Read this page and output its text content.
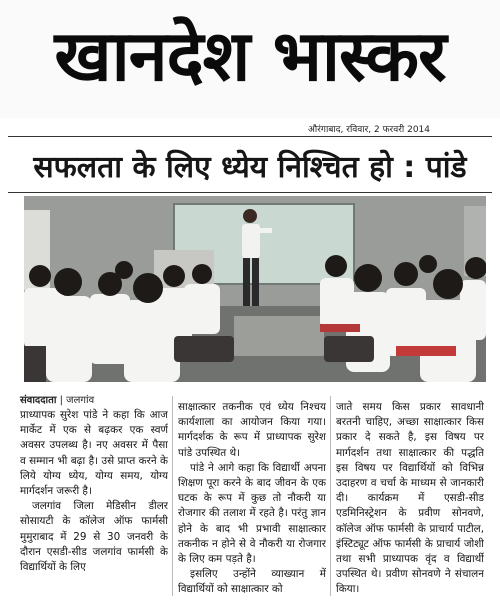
खानदेश भास्कर
औरंगाबाद, रविवार, 2 फरवरी 2014
सफलता के लिए ध्येय निश्चित हो : पांडे
संवाददाता | जलगांव

प्राध्यापक सुरेश पांडे ने कहा कि आज मार्केट में एक से बढ़कर एक स्वर्ण अवसर उपलब्ध है। नए अवसर में पैसा व सम्मान भी बढ़ा है। उसे प्राप्त करने के लिये योग्य ध्येय, योग्य समय, योग्य मार्गदर्शन जरूरी है।

जलगांव जिला मेडिसीन डीलर सोसायटी के कॉलेज ऑफ फार्मसी मुमुराबाद में 29 से 30 जनवरी के दौरान एसडी-सीड जलगांव फार्मसी के विद्यार्थियों के लिए

साक्षात्कार तकनीक एवं ध्येय निश्चय कार्यशाला का आयोजन किया गया। मार्गदर्शक के रूप में प्राध्यापक सुरेश पांडे उपस्थित थे।

पांडे ने आगे कहा कि विद्यार्थी अपना शिक्षण पूरा करने के बाद जीवन के एक घटक के रूप में कुछ तो नौकरी या रोजगार की तलाश में रहते है। परंतु ज्ञान होने के बाद भी प्रभावी साक्षात्कार तकनीक न होने से वे नौकरी या रोजगार के लिए कम पड़ते है।

इसलिए उन्होंने व्याख्यान में विद्यार्थियों को साक्षात्कार को

जाते समय किस प्रकार सावधानी बरतनी चाहिए, अच्छा साक्षात्कार किस प्रकार दे सकते है, इस विषय पर मार्गदर्शन तथा साक्षात्कार की पद्धति इस विषय पर विद्यार्थियों को विभिन्न उदाहरण व चर्चा के माध्यम से जानकारी दी। कार्यक्रम में एसडी-सीड एडमिनिस्ट्रेशन के प्रवीण सोनवणे, कॉलेज ऑफ फार्मसी के प्राचार्य पाटील, इंस्टिट्यूट ऑफ फार्मसी के प्राचार्य जोशी तथा सभी प्राध्यापक वृंद व विद्यार्थी उपस्थित थे। प्रवीण सोनवणे ने संचालन किया।
